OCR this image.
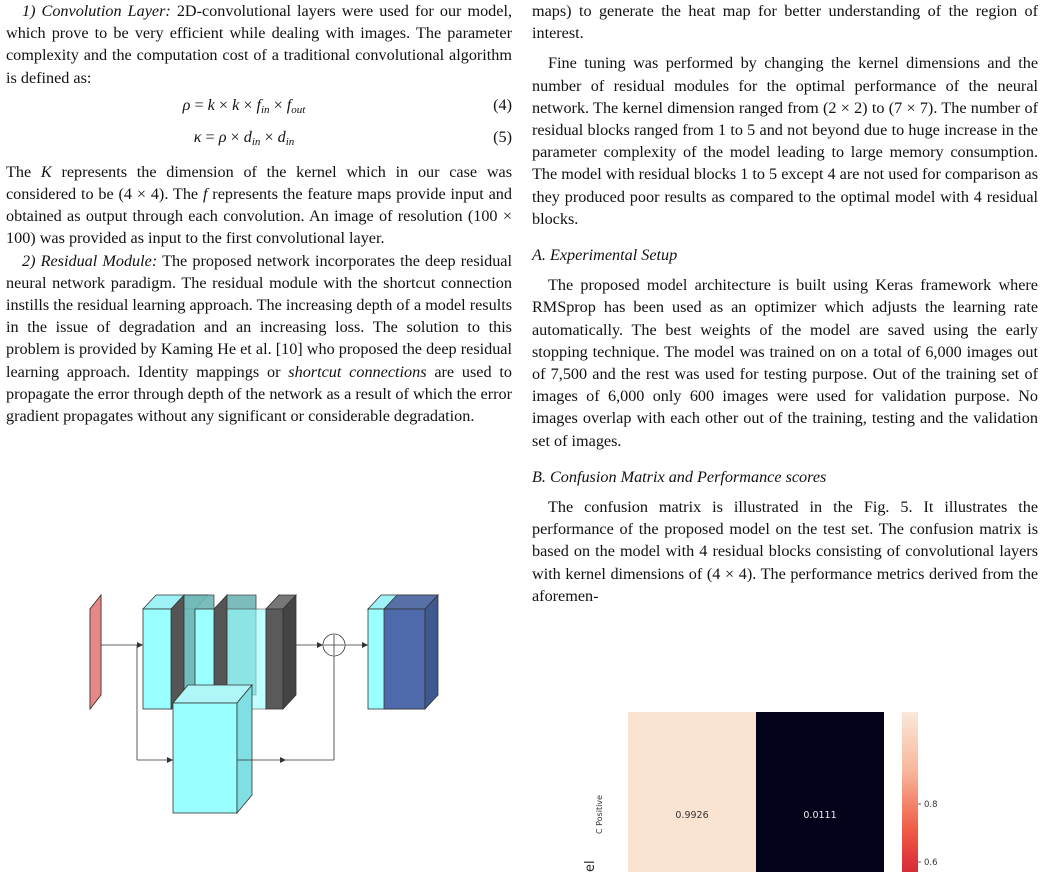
1) Convolution Layer: 2D-convolutional layers were used for our model, which prove to be very efficient while dealing with images. The parameter complexity and the computation cost of a traditional convolutional algorithm is defined as:

$\rho = k \times k \times f_{in} \times f_{out}$	(4)
$\kappa = \rho \times d_{in} \times d_{in}$	(5)

The K represents the dimension of the kernel which in our case was considered to be (4 × 4). The f represents the feature maps provide input and obtained as output through each convolution. An image of resolution (100 × 100) was provided as input to the first convolutional layer.

2) Residual Module: The proposed network incorporates the deep residual neural network paradigm. The residual module with the shortcut connection instills the residual learning approach. The increasing depth of a model results in the issue of degradation and an increasing loss. The solution to this problem is provided by Kaming He et al. [10] who proposed the deep residual learning approach. Identity mappings or shortcut connections are used to propagate the error through depth of the network as a result of which the error gradient propagates without any significant or considerable degradation.

maps) to generate the heat map for better understanding of the region of interest.

Fine tuning was performed by changing the kernel dimensions and the number of residual modules for the optimal performance of the neural network. The kernel dimension ranged from (2 × 2) to (7 × 7). The number of residual blocks ranged from 1 to 5 and not beyond due to huge increase in the parameter complexity of the model leading to large memory consumption. The model with residual blocks 1 to 5 except 4 are not used for comparison as they produced poor results as compared to the optimal model with 4 residual blocks.

A. Experimental Setup

The proposed model architecture is built using Keras framework where RMSprop has been used as an optimizer which adjusts the learning rate automatically. The best weights of the model are saved using the early stopping technique. The model was trained on on a total of 6,000 images out of 7,500 and the rest was used for testing purpose. Out of the training set of images of 6,000 only 600 images were used for validation purpose. No images overlap with each other out of the training, testing and the validation set of images.

B. Confusion Matrix and Performance scores

The confusion matrix is illustrated in the Fig. 5. It illustrates the performance of the proposed model on the test set. The confusion matrix is based on the model with 4 residual blocks consisting of convolutional layers with kernel dimensions of (4 × 4). The performance metrics derived from the aforemen-

0.9926	0.0111
C Positive
el
0.8
0.6
